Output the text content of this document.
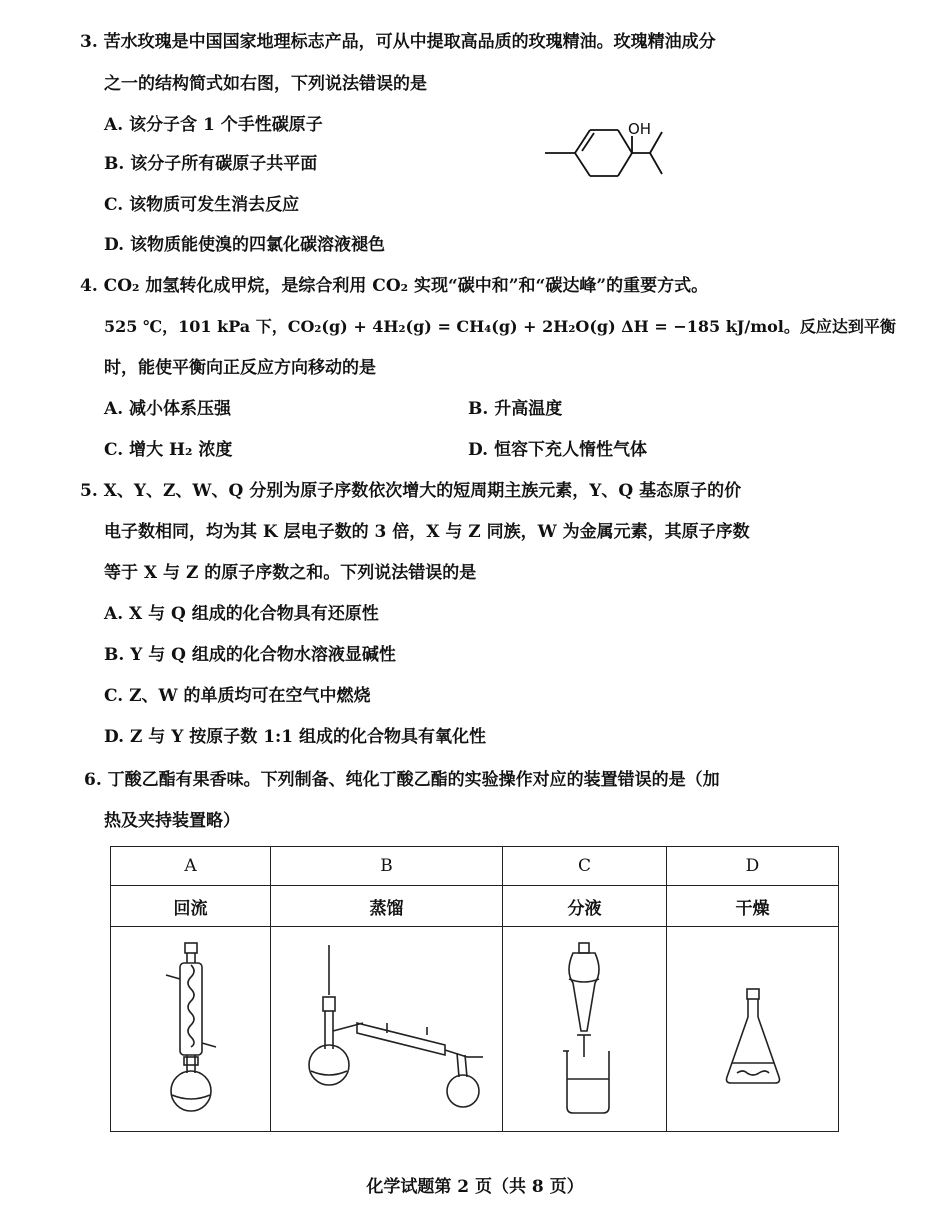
3. 苦水玫瑰是中国国家地理标志产品，可从中提取高品质的玫瑰精油。玫瑰精油成分
之一的结构简式如右图，下列说法错误的是
A. 该分子含 1 个手性碳原子
B. 该分子所有碳原子共平面
C. 该物质可发生消去反应
D. 该物质能使溴的四氯化碳溶液褪色
OH
4. CO₂ 加氢转化成甲烷，是综合利用 CO₂ 实现“碳中和”和“碳达峰”的重要方式。
525 ℃，101 kPa 下，CO₂(g) + 4H₂(g) = CH₄(g) + 2H₂O(g) ΔH = −185 kJ/mol。反应达到平衡
时，能使平衡向正反应方向移动的是
A. 减小体系压强	B. 升高温度
C. 增大 H₂ 浓度	D. 恒容下充人惰性气体
5. X、Y、Z、W、Q 分别为原子序数依次增大的短周期主族元素，Y、Q 基态原子的价
电子数相同，均为其 K 层电子数的 3 倍，X 与 Z 同族，W 为金属元素，其原子序数
等于 X 与 Z 的原子序数之和。下列说法错误的是
A. X 与 Q 组成的化合物具有还原性
B. Y 与 Q 组成的化合物水溶液显碱性
C. Z、W 的单质均可在空气中燃烧
D. Z 与 Y 按原子数 1:1 组成的化合物具有氧化性
6. 丁酸乙酯有果香味。下列制备、纯化丁酸乙酯的实验操作对应的装置错误的是（加
热及夹持装置略）
A	B	C	D
回流	蒸馏	分液	干燥

化学试题第 2 页（共 8 页）
